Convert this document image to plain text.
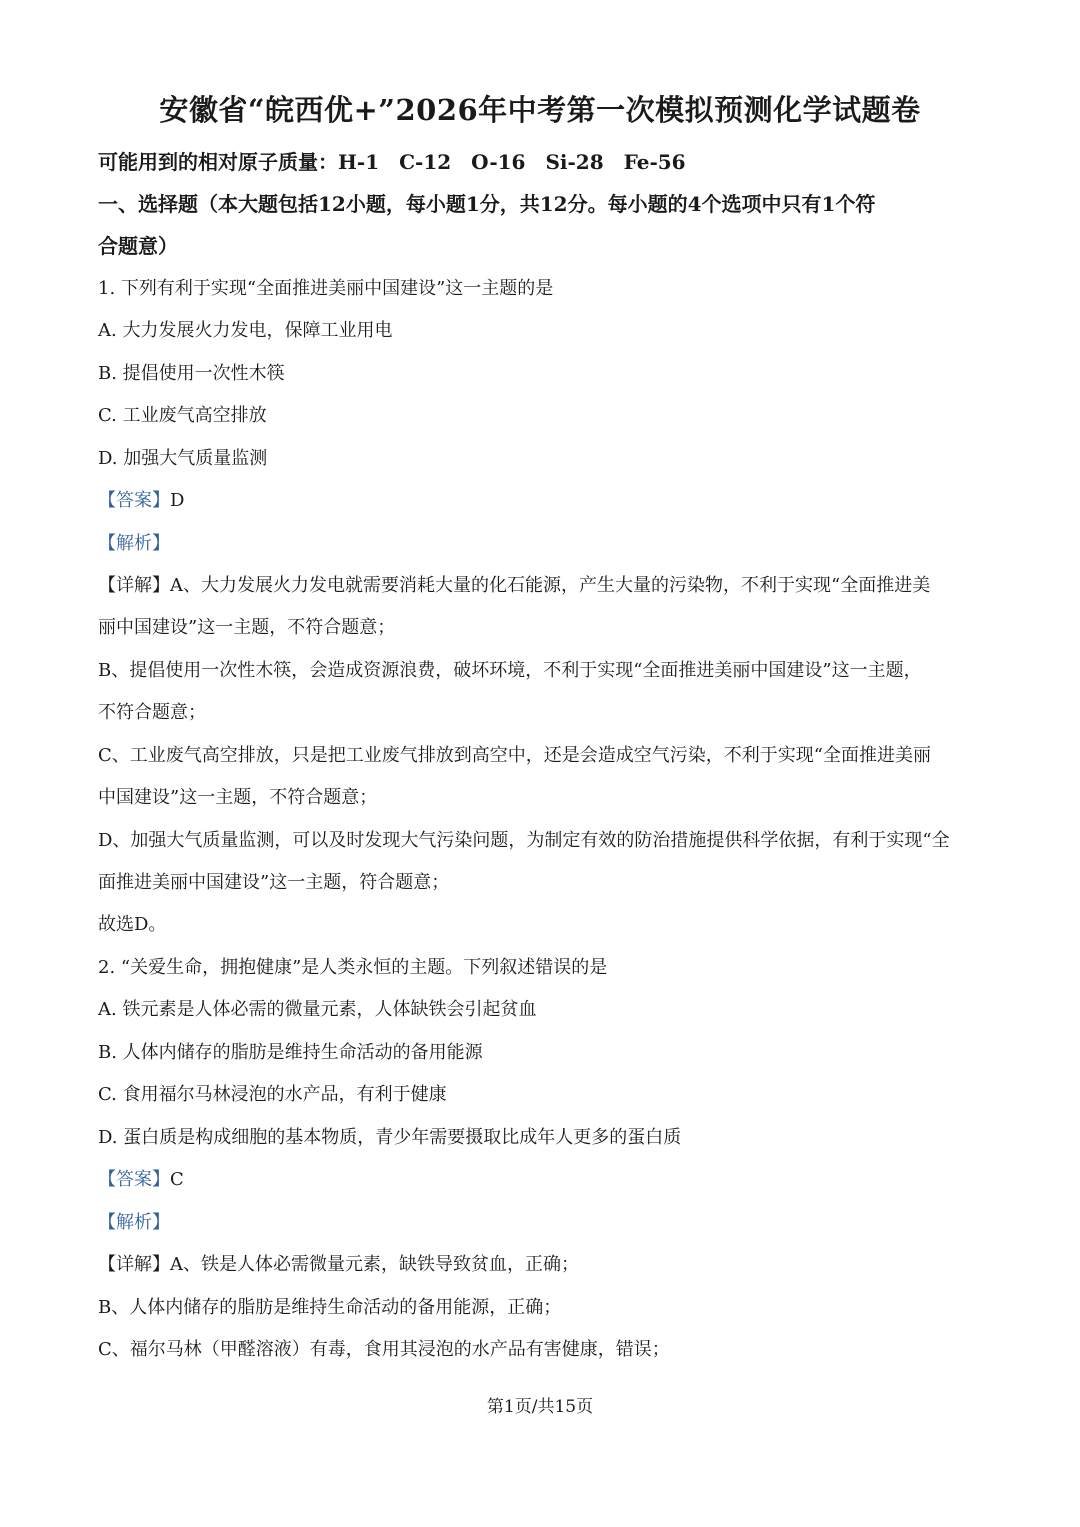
安徽省“皖西优+”2026年中考第一次模拟预测化学试题卷
可能用到的相对原子质量：H-1　C-12　O-16　Si-28　Fe-56
一、选择题（本大题包括12小题，每小题1分，共12分。每小题的4个选项中只有1个符
合题意）
1. 下列有利于实现“全面推进美丽中国建设”这一主题的是
A. 大力发展火力发电，保障工业用电
B. 提倡使用一次性木筷
C. 工业废气高空排放
D. 加强大气质量监测
【答案】D
【解析】
【详解】A、大力发展火力发电就需要消耗大量的化石能源，产生大量的污染物，不利于实现“全面推进美
丽中国建设”这一主题，不符合题意；
B、提倡使用一次性木筷，会造成资源浪费，破坏环境，不利于实现“全面推进美丽中国建设”这一主题，
不符合题意；
C、工业废气高空排放，只是把工业废气排放到高空中，还是会造成空气污染，不利于实现“全面推进美丽
中国建设”这一主题，不符合题意；
D、加强大气质量监测，可以及时发现大气污染问题，为制定有效的防治措施提供科学依据，有利于实现“全
面推进美丽中国建设”这一主题，符合题意；
故选D。
2. “关爱生命，拥抱健康”是人类永恒的主题。下列叙述错误的是
A. 铁元素是人体必需的微量元素，人体缺铁会引起贫血
B. 人体内储存的脂肪是维持生命活动的备用能源
C. 食用福尔马林浸泡的水产品，有利于健康
D. 蛋白质是构成细胞的基本物质，青少年需要摄取比成年人更多的蛋白质
【答案】C
【解析】
【详解】A、铁是人体必需微量元素，缺铁导致贫血，正确；
B、人体内储存的脂肪是维持生命活动的备用能源，正确；
C、福尔马林（甲醛溶液）有毒，食用其浸泡的水产品有害健康，错误；
第1页/共15页
